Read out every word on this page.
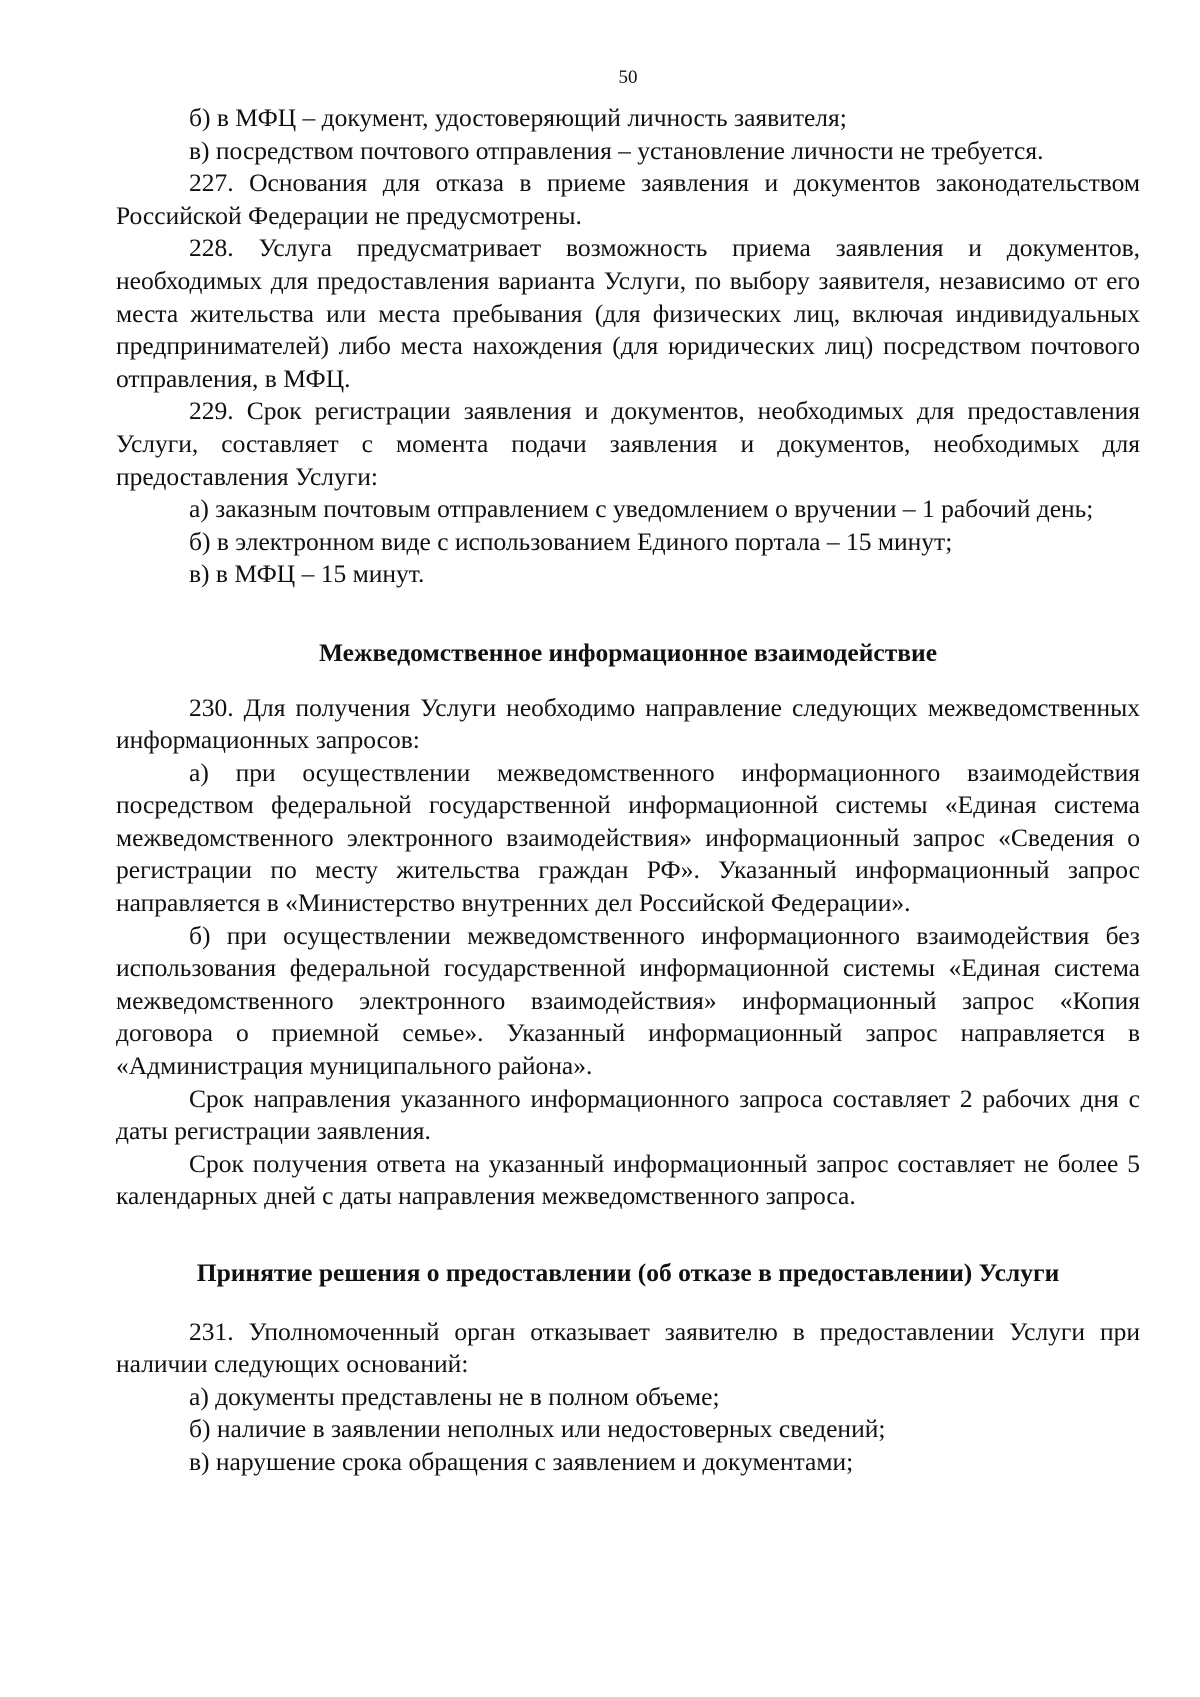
50

б) в МФЦ – документ, удостоверяющий личность заявителя;

в) посредством почтового отправления – установление личности не требуется.

227. Основания для отказа в приеме заявления и документов законодательством Российской Федерации не предусмотрены.

228. Услуга предусматривает возможность приема заявления и документов, необходимых для предоставления варианта Услуги, по выбору заявителя, независимо от его места жительства или места пребывания (для физических лиц, включая индивидуальных предпринимателей) либо места нахождения (для юридических лиц) посредством почтового отправления, в МФЦ.

229. Срок регистрации заявления и документов, необходимых для предоставления Услуги, составляет с момента подачи заявления и документов, необходимых для предоставления Услуги:

а) заказным почтовым отправлением с уведомлением о вручении – 1 рабочий день;

б) в электронном виде с использованием Единого портала – 15 минут;

в) в МФЦ – 15 минут.

Межведомственное информационное взаимодействие

230. Для получения Услуги необходимо направление следующих межведомственных информационных запросов:

а) при осуществлении межведомственного информационного взаимодействия посредством федеральной государственной информационной системы «Единая система межведомственного электронного взаимодействия» информационный запрос «Сведения о регистрации по месту жительства граждан РФ». Указанный информационный запрос направляется в «Министерство внутренних дел Российской Федерации».

б) при осуществлении межведомственного информационного взаимодействия без использования федеральной государственной информационной системы «Единая система межведомственного электронного взаимодействия» информационный запрос «Копия договора о приемной семье». Указанный информационный запрос направляется в «Администрация муниципального района».

Срок направления указанного информационного запроса составляет 2 рабочих дня с даты регистрации заявления.

Срок получения ответа на указанный информационный запрос составляет не более 5 календарных дней с даты направления межведомственного запроса.

Принятие решения о предоставлении (об отказе в предоставлении) Услуги

231. Уполномоченный орган отказывает заявителю в предоставлении Услуги при наличии следующих оснований:

а) документы представлены не в полном объеме;

б) наличие в заявлении неполных или недостоверных сведений;

в) нарушение срока обращения с заявлением и документами;
